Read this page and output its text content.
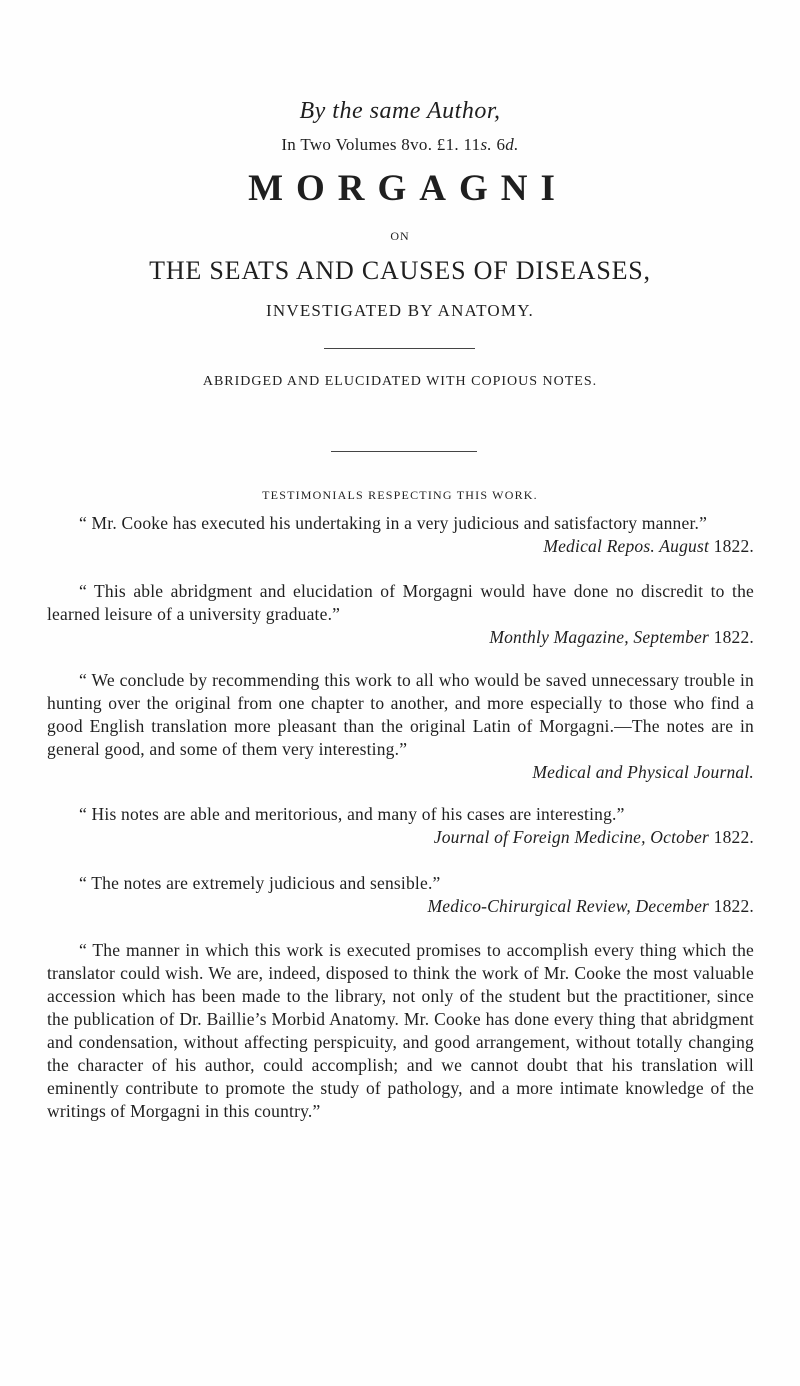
By the same Author,
In Two Volumes 8vo. £1. 11s. 6d.
MORGAGNI
ON
THE SEATS AND CAUSES OF DISEASES,
INVESTIGATED BY ANATOMY.
ABRIDGED AND ELUCIDATED WITH COPIOUS NOTES.
TESTIMONIALS RESPECTING THIS WORK.

“ Mr. Cooke has executed his undertaking in a very judicious and satisfactory manner.”
Medical Repos. August 1822.

“ This able abridgment and elucidation of Morgagni would have done no discredit to the learned leisure of a university graduate.”

Monthly Magazine, September 1822.

“ We conclude by recommending this work to all who would be saved unnecessary trouble in hunting over the original from one chapter to another, and more especially to those who find a good English translation more pleasant than the original Latin of Morgagni.—The notes are in general good, and some of them very interesting.”

Medical and Physical Journal.

“ His notes are able and meritorious, and many of his cases are interesting.”
Journal of Foreign Medicine, October 1822.

“ The notes are extremely judicious and sensible.”

Medico-Chirurgical Review, December 1822.

“ The manner in which this work is executed promises to accomplish every thing which the translator could wish. We are, indeed, disposed to think the work of Mr. Cooke the most valuable accession which has been made to the library, not only of the student but the practitioner, since the publication of Dr. Baillie’s Morbid Anatomy. Mr. Cooke has done every thing that abridgment and condensation, without affecting perspicuity, and good arrangement, without totally changing the character of his author, could accomplish; and we cannot doubt that his translation will eminently contribute to promote the study of pathology, and a more intimate knowledge of the writings of Morgagni in this country.”
